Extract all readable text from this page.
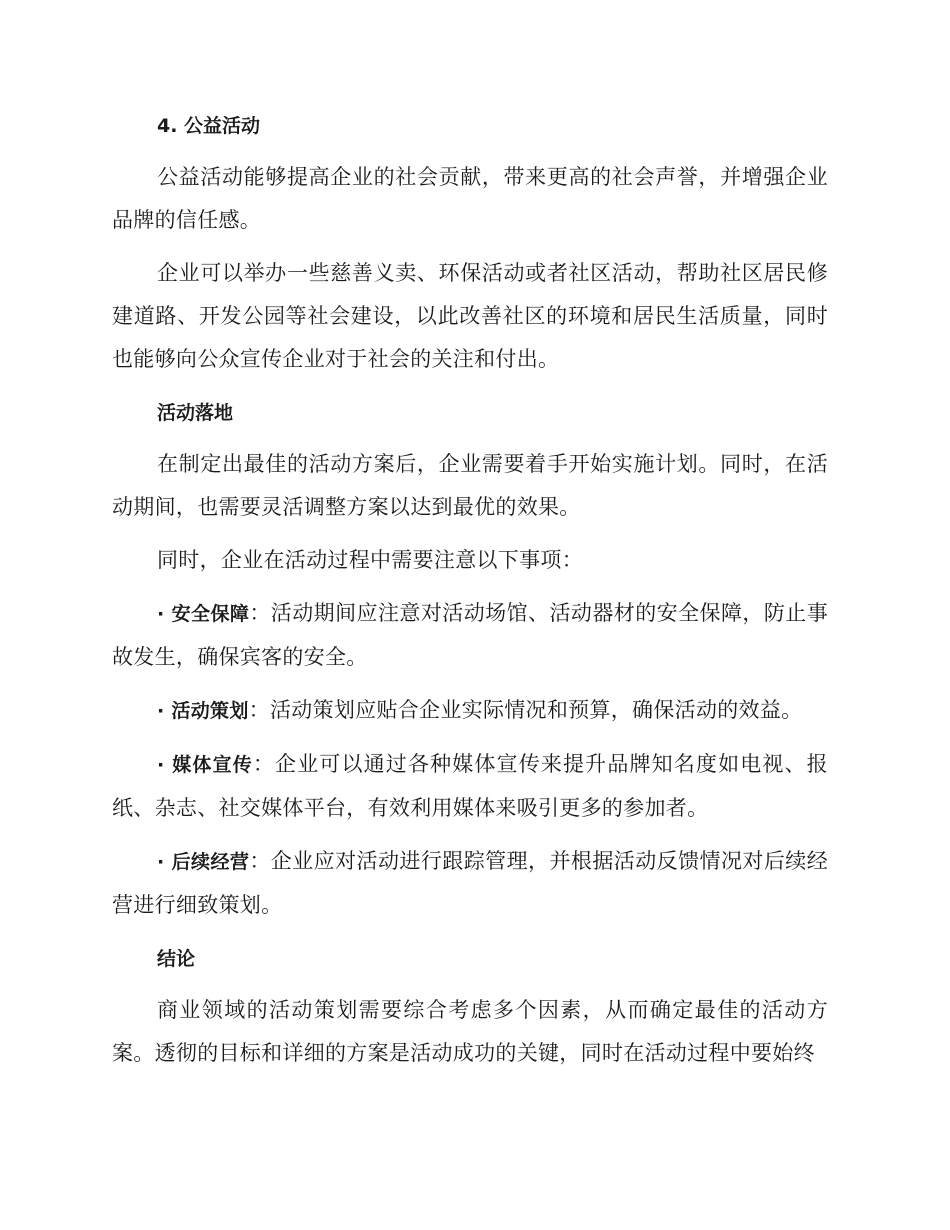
4. 公益活动

公益活动能够提高企业的社会贡献，带来更高的社会声誉，并增强企业品牌的信任感。

企业可以举办一些慈善义卖、环保活动或者社区活动，帮助社区居民修建道路、开发公园等社会建设，以此改善社区的环境和居民生活质量，同时也能够向公众宣传企业对于社会的关注和付出。

活动落地

在制定出最佳的活动方案后，企业需要着手开始实施计划。同时，在活动期间，也需要灵活调整方案以达到最优的效果。

同时，企业在活动过程中需要注意以下事项：

· 安全保障：活动期间应注意对活动场馆、活动器材的安全保障，防止事故发生，确保宾客的安全。

· 活动策划：活动策划应贴合企业实际情况和预算，确保活动的效益。

· 媒体宣传：企业可以通过各种媒体宣传来提升品牌知名度如电视、报纸、杂志、社交媒体平台，有效利用媒体来吸引更多的参加者。

· 后续经营：企业应对活动进行跟踪管理，并根据活动反馈情况对后续经营进行细致策划。

结论

商业领域的活动策划需要综合考虑多个因素，从而确定最佳的活动方案。透彻的目标和详细的方案是活动成功的关键，同时在活动过程中要始终
